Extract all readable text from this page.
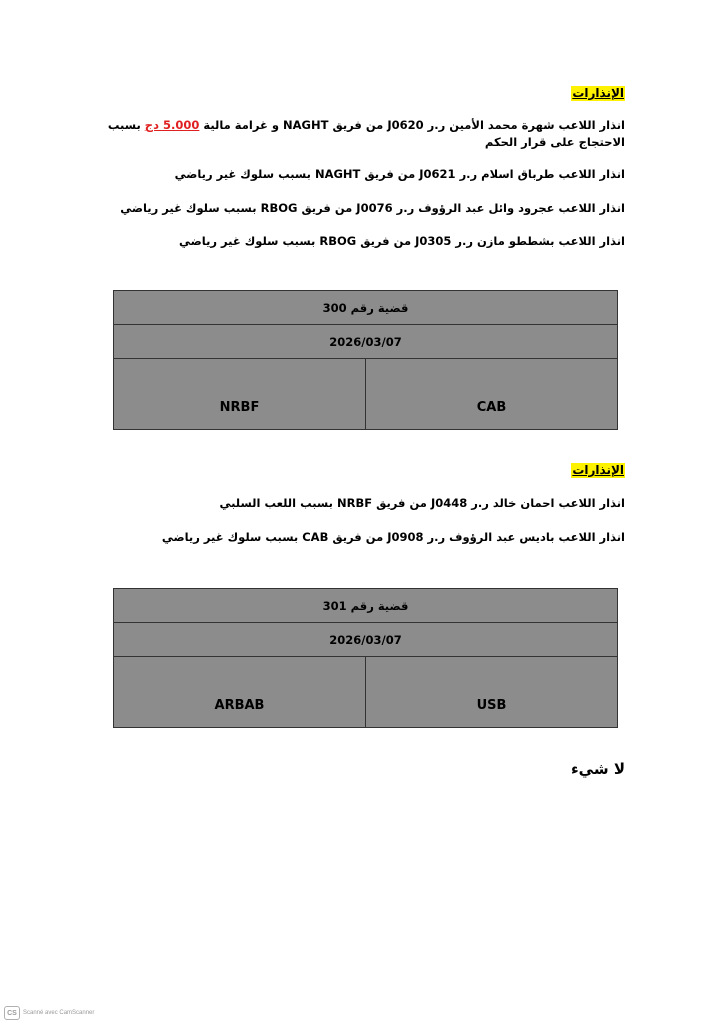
الإنذارات
انذار اللاعب شهرة محمد الأمين ر.ر J0620 من فريق NAGHT و غرامة مالية 5.000 دج بسبب الاحتجاج على قرار الحكم
انذار اللاعب طرباق اسلام ر.ر J0621 من فريق NAGHT بسبب سلوك غير رياضي
انذار اللاعب عجرود وائل عبد الرؤوف ر.ر J0076 من فريق RBOG بسبب سلوك غير رياضي
انذار اللاعب بشططو مازن ر.ر J0305 من فريق RBOG بسبب سلوك غير رياضي
قضية رقم 300
2026/03/07
NRBF	CAB
الإنذارات
انذار اللاعب احمان خالد ر.ر J0448 من فريق NRBF بسبب اللعب السلبي
انذار اللاعب باديس عبد الرؤوف ر.ر J0908 من فريق CAB بسبب سلوك غير رياضي
قضية رقم 301
2026/03/07
ARBAB	USB
لا شيء
CS	Scanné avec CamScanner
